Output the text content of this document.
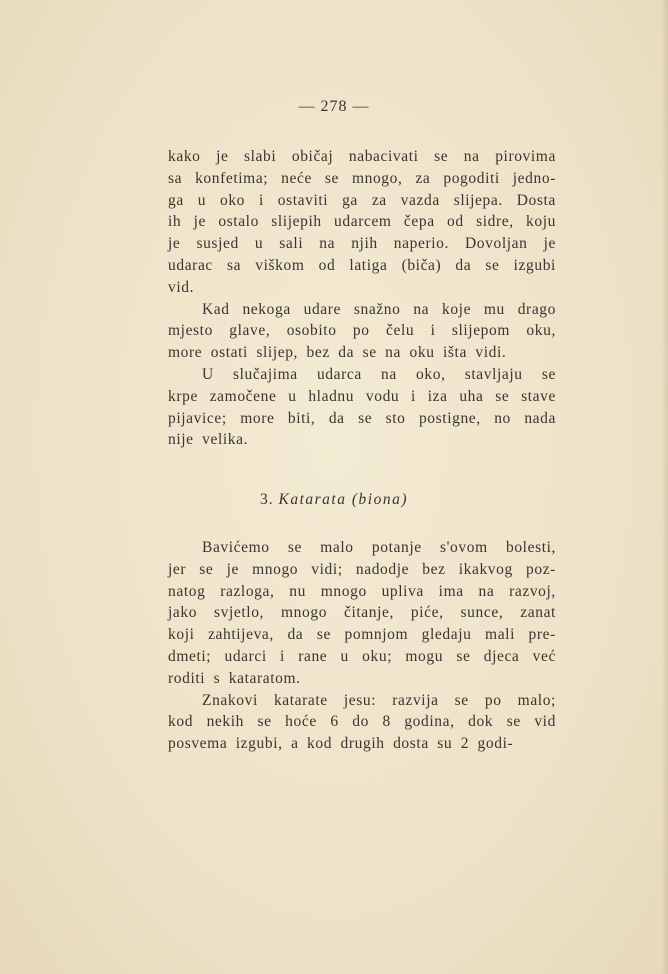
— 278 —
kako je slabi običaj nabacivati se na pirovima
sa konfetima; neće se mnogo, za pogoditi jedno-
ga u oko i ostaviti ga za vazda slijepa. Dosta
ih je ostalo slijepih udarcem čepa od sidre, koju
je susjed u sali na njih naperio. Dovoljan je
udarac sa viškom od latiga (biča) da se izgubi
vid.
Kad nekoga udare snažno na koje mu drago
mjesto glave, osobito po čelu i slijepom oku,
more ostati slijep, bez da se na oku išta vidi.
U slučajima udarca na oko, stavljaju se
krpe zamočene u hladnu vodu i iza uha se stave
pijavice; more biti, da se sto postigne, no nada
nije velika.
3. Katarata (biona)
Bavićemo se malo potanje s'ovom bolesti,
jer se je mnogo vidi; nadodje bez ikakvog poz-
natog razloga, nu mnogo upliva ima na razvoj,
jako svjetlo, mnogo čitanje, piće, sunce, zanat
koji zahtijeva, da se pomnjom gledaju mali pre-
dmeti; udarci i rane u oku; mogu se djeca već
roditi s kataratom.
Znakovi katarate jesu: razvija se po malo;
kod nekih se hoće 6 do 8 godina, dok se vid
posvema izgubi, a kod drugih dosta su 2 godi-
